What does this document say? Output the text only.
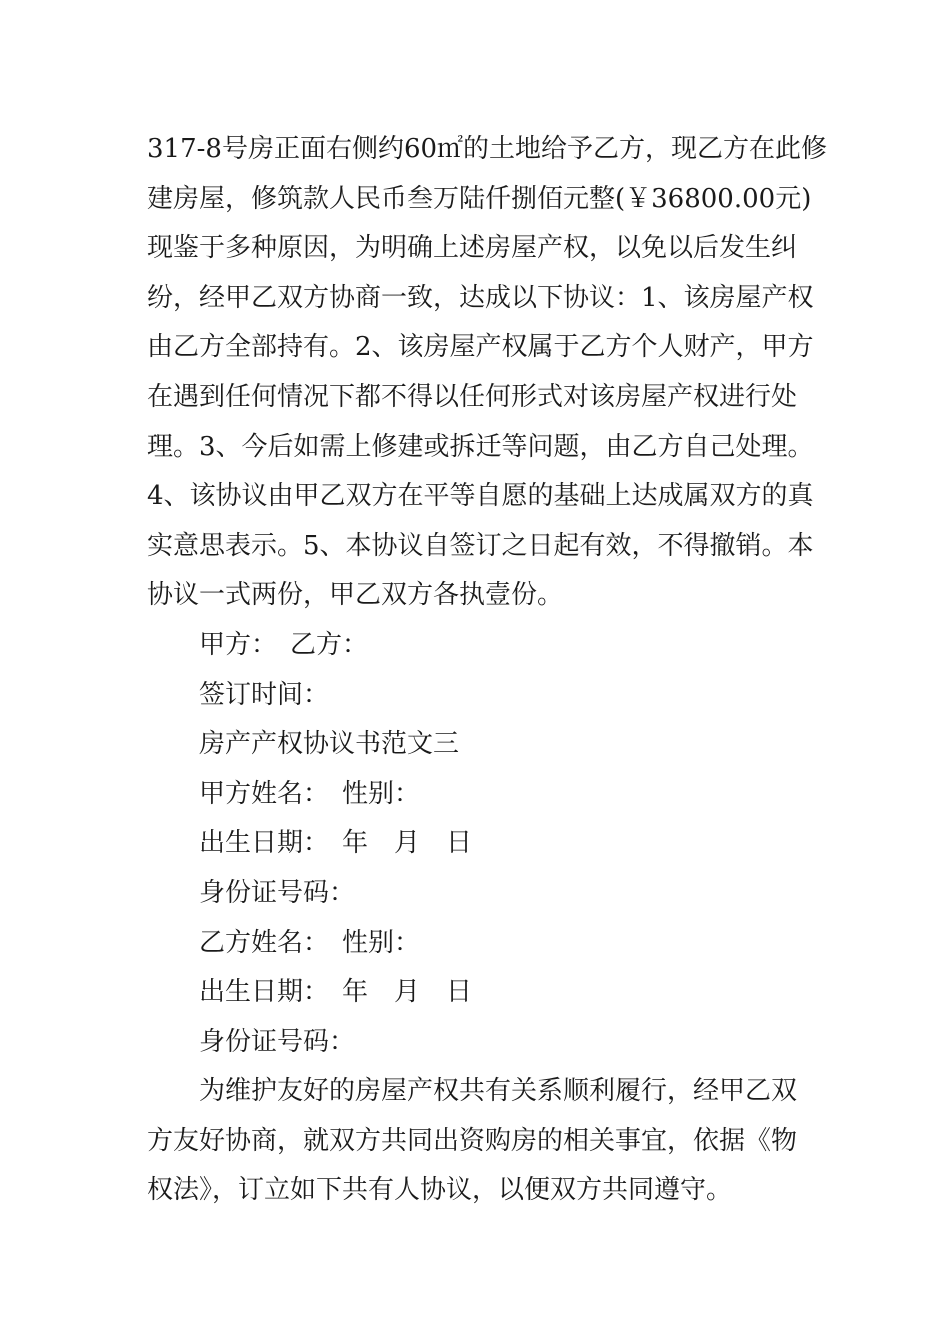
317-8号房正面右侧约60㎡的土地给予乙方，现乙方在此修
建房屋，修筑款人民币叁万陆仟捌佰元整(￥36800.00元)
现鉴于多种原因，为明确上述房屋产权，以免以后发生纠
纷，经甲乙双方协商一致，达成以下协议：1、该房屋产权
由乙方全部持有。2、该房屋产权属于乙方个人财产，甲方
在遇到任何情况下都不得以任何形式对该房屋产权进行处
理。3、今后如需上修建或拆迁等问题，由乙方自己处理。
4、该协议由甲乙双方在平等自愿的基础上达成属双方的真
实意思表示。5、本协议自签订之日起有效，不得撤销。本
协议一式两份，甲乙双方各执壹份。
甲方：　乙方：
签订时间：
房产产权协议书范文三
甲方姓名：　性别：
出生日期：　年　月　日
身份证号码：
乙方姓名：　性别：
出生日期：　年　月　日
身份证号码：
为维护友好的房屋产权共有关系顺利履行，经甲乙双
方友好协商，就双方共同出资购房的相关事宜，依据《物
权法》，订立如下共有人协议，以便双方共同遵守。
